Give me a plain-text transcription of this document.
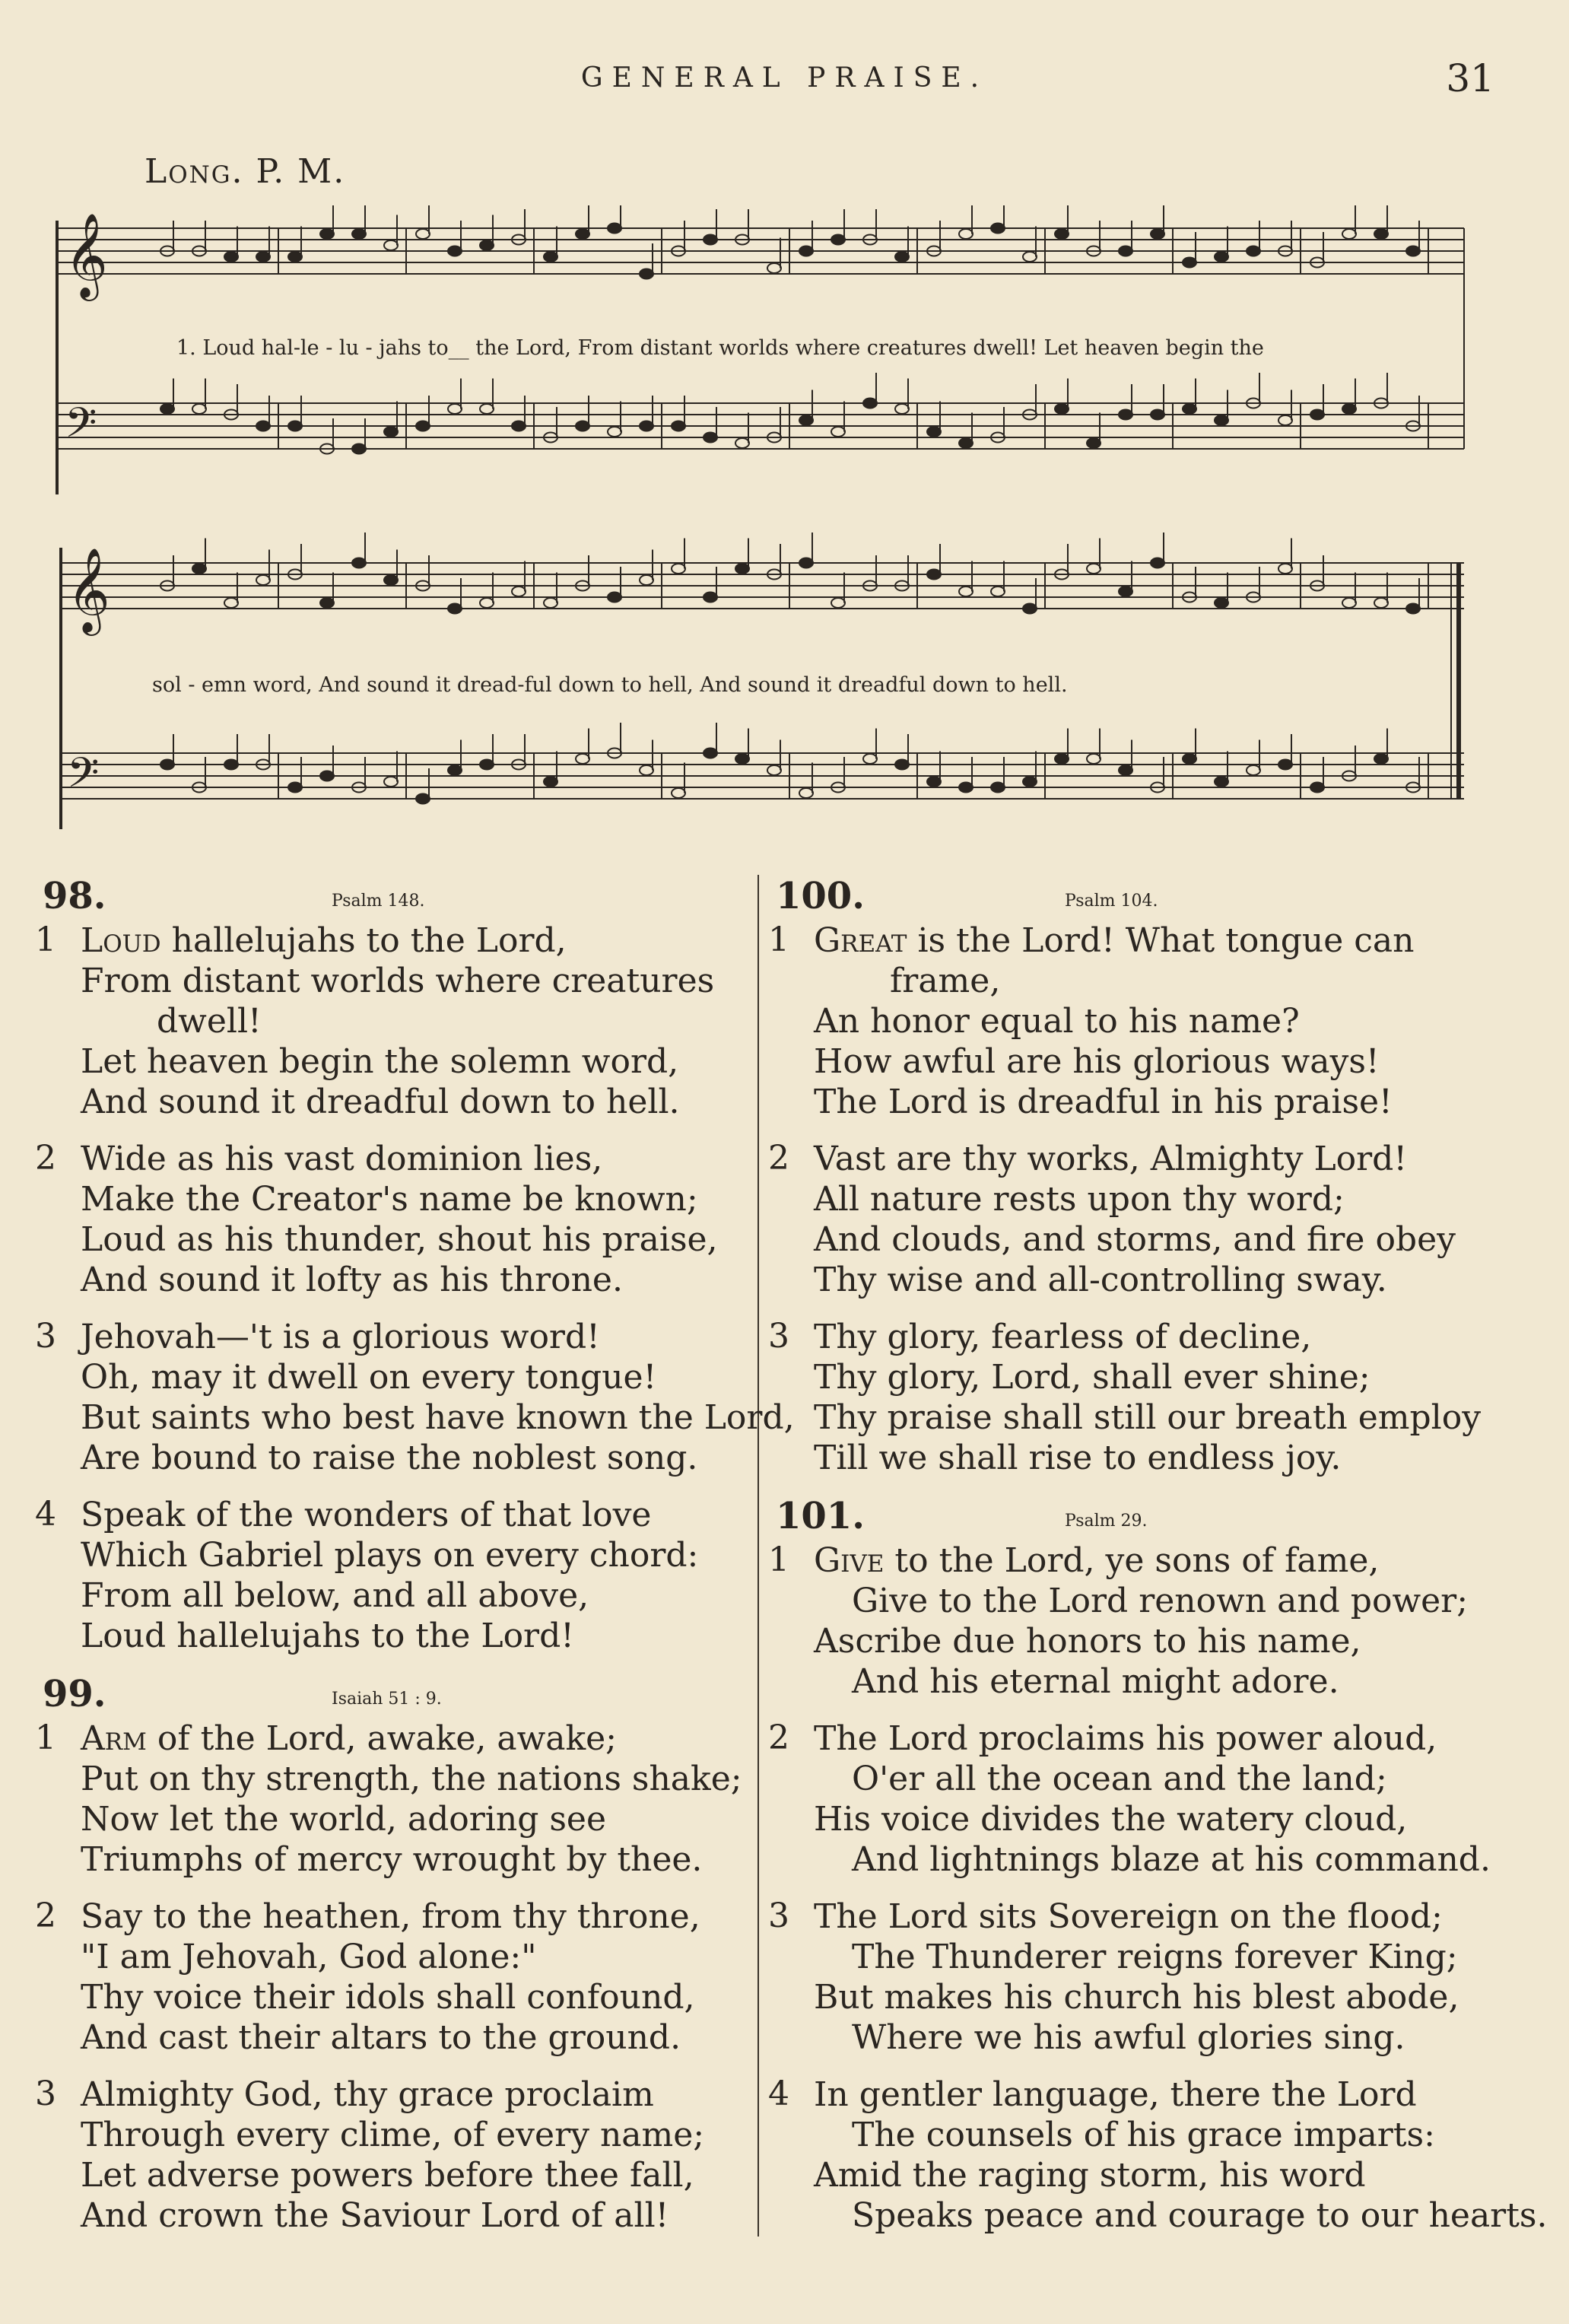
GENERAL PRAISE.	31
Long. P. M.
𝄞
𝄢
1. Loud hal-le - lu - jahs to__ the Lord, From distant worlds where creatures dwell! Let heaven begin the
𝄞
𝄢
sol - emn word, And sound it dread-ful down to hell, And sound it dreadful down to hell.
98.	Psalm 148.
1 Loud hallelujahs to the Lord,
From distant worlds where creatures
dwell!
Let heaven begin the solemn word,
And sound it dreadful down to hell.
2 Wide as his vast dominion lies,
Make the Creator's name be known;
Loud as his thunder, shout his praise,
And sound it lofty as his throne.
3 Jehovah—'t is a glorious word!
Oh, may it dwell on every tongue!
But saints who best have known the Lord,
Are bound to raise the noblest song.
4 Speak of the wonders of that love
Which Gabriel plays on every chord:
From all below, and all above,
Loud hallelujahs to the Lord!
99.	Isaiah 51 : 9.
1 Arm of the Lord, awake, awake;
Put on thy strength, the nations shake;
Now let the world, adoring see
Triumphs of mercy wrought by thee.
2 Say to the heathen, from thy throne,
"I am Jehovah, God alone:"
Thy voice their idols shall confound,
And cast their altars to the ground.
3 Almighty God, thy grace proclaim
Through every clime, of every name;
Let adverse powers before thee fall,
And crown the Saviour Lord of all!
100.	Psalm 104.
1 Great is the Lord! What tongue can
frame,
An honor equal to his name?
How awful are his glorious ways!
The Lord is dreadful in his praise!
2 Vast are thy works, Almighty Lord!
All nature rests upon thy word;
And clouds, and storms, and fire obey
Thy wise and all-controlling sway.
3 Thy glory, fearless of decline,
Thy glory, Lord, shall ever shine;
Thy praise shall still our breath employ
Till we shall rise to endless joy.
101.	Psalm 29.
1 Give to the Lord, ye sons of fame,
Give to the Lord renown and power;
Ascribe due honors to his name,
And his eternal might adore.
2 The Lord proclaims his power aloud,
O'er all the ocean and the land;
His voice divides the watery cloud,
And lightnings blaze at his command.
3 The Lord sits Sovereign on the flood;
The Thunderer reigns forever King;
But makes his church his blest abode,
Where we his awful glories sing.
4 In gentler language, there the Lord
The counsels of his grace imparts:
Amid the raging storm, his word
Speaks peace and courage to our hearts.
